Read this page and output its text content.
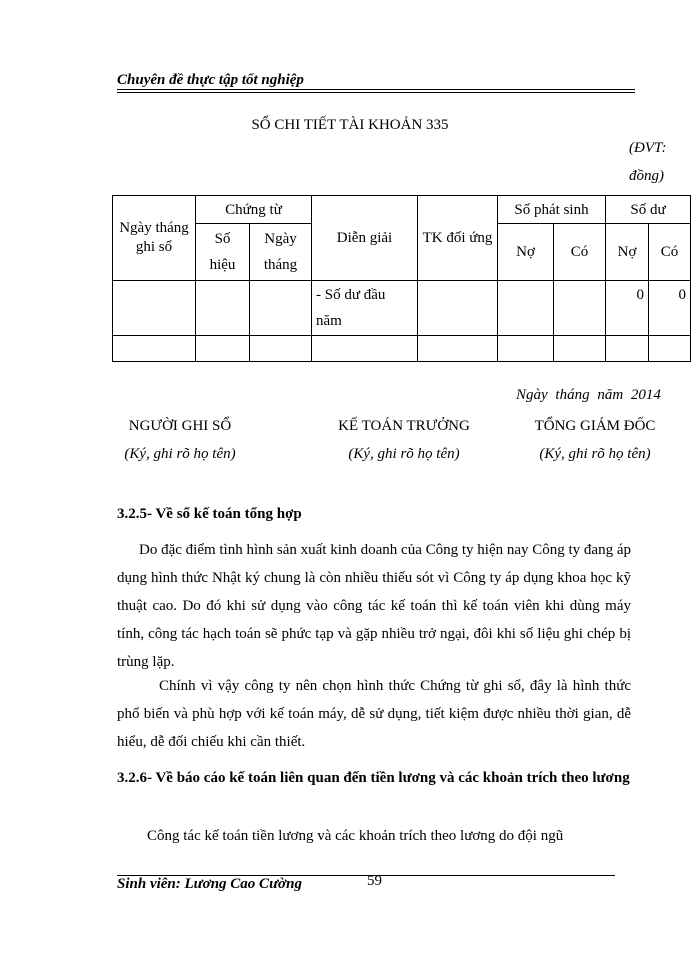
Chuyên đề thực tập tốt nghiệp
SỔ CHI TIẾT TÀI KHOẢN 335
(ĐVT:
đồng)
Ngày tháng ghi sổ	Chứng từ		Diễn giải	TK đối ứng	Số phát sinh		Số dư	
	Số hiệu	Ngày tháng			Nợ	Có	Nợ	Có
			- Số dư đầu năm				0	0

Ngày tháng năm 2014
NGƯỜI GHI SỔ	KẾ TOÁN TRƯỞNG	TỔNG GIÁM ĐỐC
(Ký, ghi rõ họ tên)	(Ký, ghi rõ họ tên)	(Ký, ghi rõ họ tên)
3.2.5- Về sổ kế toán tổng hợp
Do đặc điểm tình hình sản xuất kinh doanh của Công ty hiện nay Công ty đang áp dụng hình thức Nhật ký chung là còn nhiều thiếu sót vì Công ty áp dụng khoa học kỹ thuật cao. Do đó khi sử dụng vào công tác kế toán thì kế toán viên khi dùng máy tính, công tác hạch toán sẽ phức tạp và gặp nhiều trở ngại, đôi khi số liệu ghi chép bị trùng lặp.
Chính vì vậy công ty nên chọn hình thức Chứng từ ghi sổ, đây là hình thức phổ biến và phù hợp với kế toán máy, dễ sử dụng, tiết kiệm được nhiều thời gian, dễ hiểu, dễ đối chiếu khi cần thiết.
3.2.6- Về báo cáo kế toán liên quan đến tiền lương và các khoản trích theo lương
Công tác kế toán tiền lương và các khoản trích theo lương do đội ngũ
Sinh viên: Lương Cao Cường	59
